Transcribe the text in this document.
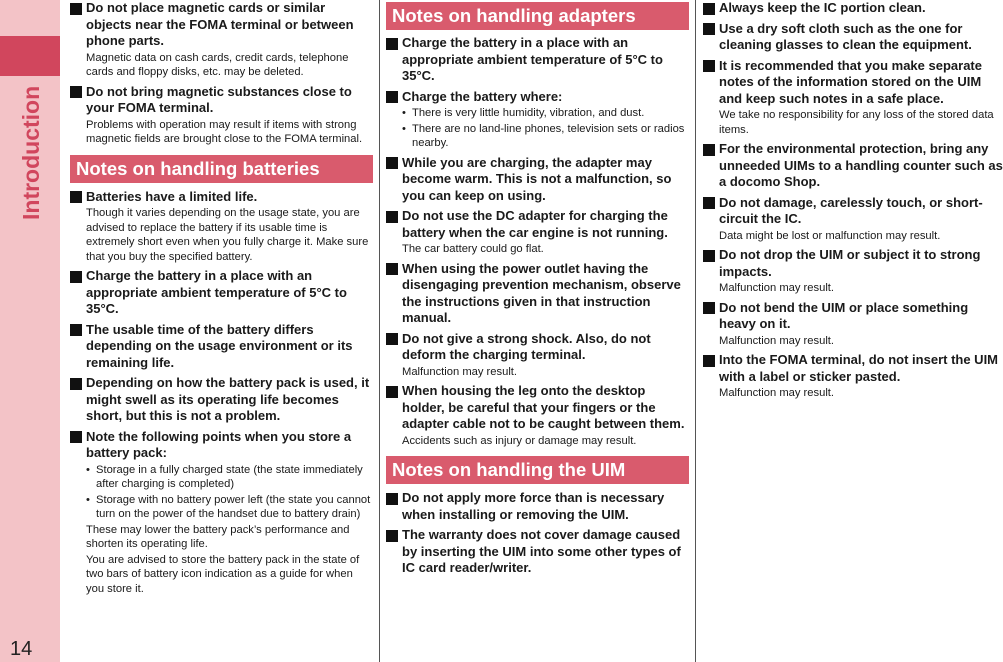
Introduction
14
Do not place magnetic cards or similar objects near the FOMA terminal or between phone parts.
Magnetic data on cash cards, credit cards, telephone cards and floppy disks, etc. may be deleted.
Do not bring magnetic substances close to your FOMA terminal.
Problems with operation may result if items with strong magnetic fields are brought close to the FOMA terminal.
Notes on handling batteries
Batteries have a limited life.
Though it varies depending on the usage state, you are advised to replace the battery if its usable time is extremely short even when you fully charge it. Make sure that you buy the specified battery.
Charge the battery in a place with an appropriate ambient temperature of 5°C to 35°C.
The usable time of the battery differs depending on the usage environment or its remaining life.
Depending on how the battery pack is used, it might swell as its operating life becomes short, but this is not a problem.
Note the following points when you store a battery pack:
• Storage in a fully charged state (the state immediately after charging is completed)
• Storage with no battery power left (the state you cannot turn on the power of the handset due to battery drain)
These may lower the battery pack’s performance and shorten its operating life.
You are advised to store the battery pack in the state of two bars of battery icon indication as a guide for when you store it.
Notes on handling adapters
Charge the battery in a place with an appropriate ambient temperature of 5°C to 35°C.
Charge the battery where:
• There is very little humidity, vibration, and dust.
• There are no land-line phones, television sets or radios nearby.
While you are charging, the adapter may become warm. This is not a malfunction, so you can keep on using.
Do not use the DC adapter for charging the battery when the car engine is not running.
The car battery could go flat.
When using the power outlet having the disengaging prevention mechanism, observe the instructions given in that instruction manual.
Do not give a strong shock. Also, do not deform the charging terminal.
Malfunction may result.
When housing the leg onto the desktop holder, be careful that your fingers or the adapter cable not to be caught between them.
Accidents such as injury or damage may result.
Notes on handling the UIM
Do not apply more force than is necessary when installing or removing the UIM.
The warranty does not cover damage caused by inserting the UIM into some other types of IC card reader/writer.
Always keep the IC portion clean.
Use a dry soft cloth such as the one for cleaning glasses to clean the equipment.
It is recommended that you make separate notes of the information stored on the UIM and keep such notes in a safe place.
We take no responsibility for any loss of the stored data items.
For the environmental protection, bring any unneeded UIMs to a handling counter such as a docomo Shop.
Do not damage, carelessly touch, or short-circuit the IC.
Data might be lost or malfunction may result.
Do not drop the UIM or subject it to strong impacts.
Malfunction may result.
Do not bend the UIM or place something heavy on it.
Malfunction may result.
Into the FOMA terminal, do not insert the UIM with a label or sticker pasted.
Malfunction may result.
